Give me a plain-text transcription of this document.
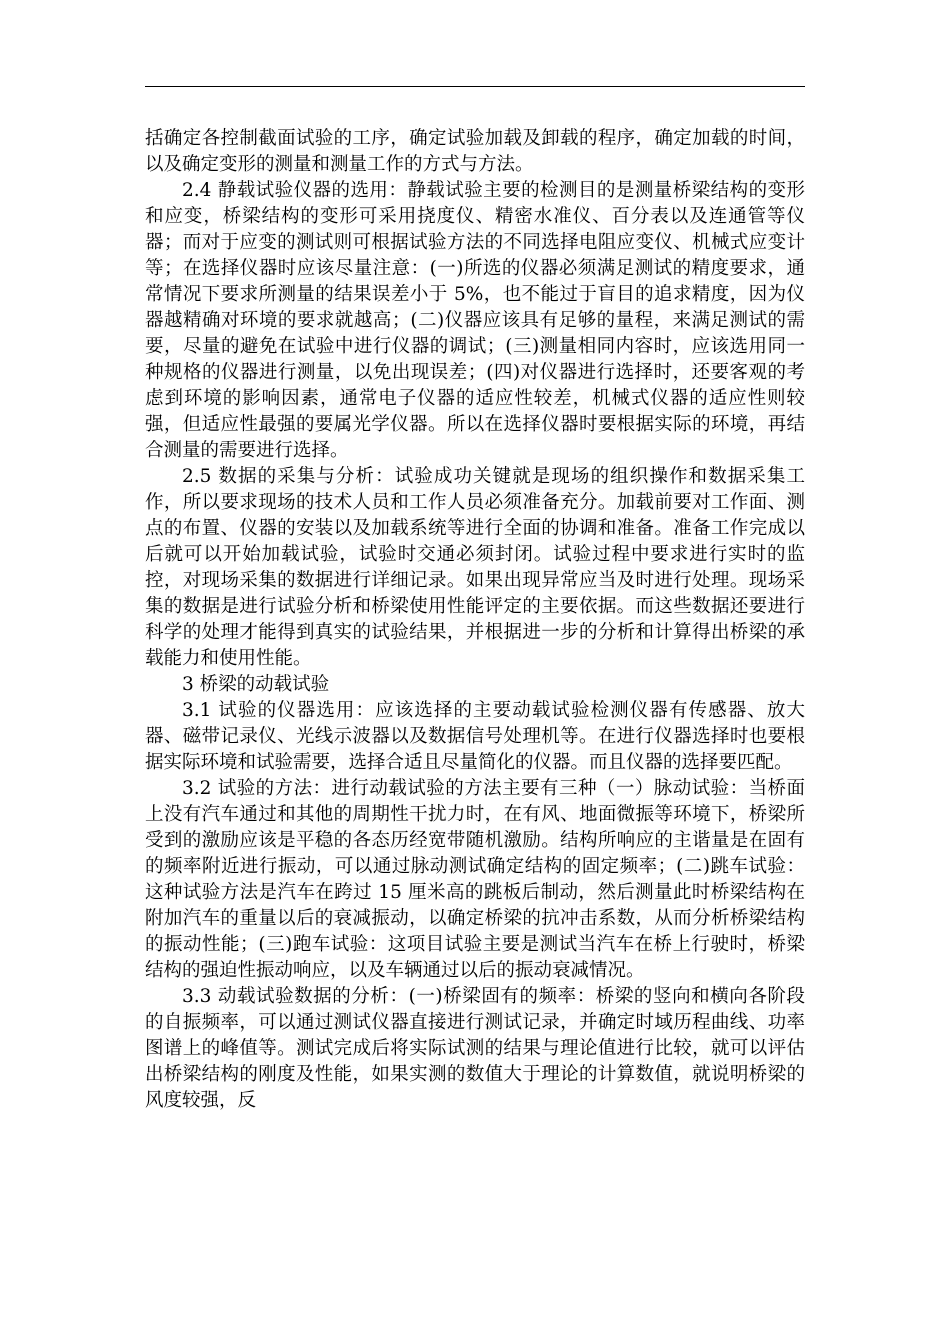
括确定各控制截面试验的工序，确定试验加载及卸载的程序，确定加载的时间，以及确定变形的测量和测量工作的方式与方法。

2.4 静载试验仪器的选用：静载试验主要的检测目的是测量桥梁结构的变形和应变，桥梁结构的变形可采用挠度仪、精密水准仪、百分表以及连通管等仪器；而对于应变的测试则可根据试验方法的不同选择电阻应变仪、机械式应变计等；在选择仪器时应该尽量注意：(一)所选的仪器必须满足测试的精度要求，通常情况下要求所测量的结果误差小于 5%，也不能过于盲目的追求精度，因为仪器越精确对环境的要求就越高；(二)仪器应该具有足够的量程，来满足测试的需要，尽量的避免在试验中进行仪器的调试；(三)测量相同内容时，应该选用同一种规格的仪器进行测量，以免出现误差；(四)对仪器进行选择时，还要客观的考虑到环境的影响因素，通常电子仪器的适应性较差，机械式仪器的适应性则较强，但适应性最强的要属光学仪器。所以在选择仪器时要根据实际的环境，再结合测量的需要进行选择。

2.5 数据的采集与分析：试验成功关键就是现场的组织操作和数据采集工作，所以要求现场的技术人员和工作人员必须准备充分。加载前要对工作面、测点的布置、仪器的安装以及加载系统等进行全面的协调和准备。准备工作完成以后就可以开始加载试验，试验时交通必须封闭。试验过程中要求进行实时的监控，对现场采集的数据进行详细记录。如果出现异常应当及时进行处理。现场采集的数据是进行试验分析和桥梁使用性能评定的主要依据。而这些数据还要进行科学的处理才能得到真实的试验结果，并根据进一步的分析和计算得出桥梁的承载能力和使用性能。

3 桥梁的动载试验

3.1 试验的仪器选用：应该选择的主要动载试验检测仪器有传感器、放大器、磁带记录仪、光线示波器以及数据信号处理机等。在进行仪器选择时也要根据实际环境和试验需要，选择合适且尽量简化的仪器。而且仪器的选择要匹配。

3.2 试验的方法：进行动载试验的方法主要有三种（一）脉动试验：当桥面上没有汽车通过和其他的周期性干扰力时，在有风、地面微振等环境下，桥梁所受到的激励应该是平稳的各态历经宽带随机激励。结构所响应的主谐量是在固有的频率附近进行振动，可以通过脉动测试确定结构的固定频率；(二)跳车试验：这种试验方法是汽车在跨过 15 厘米高的跳板后制动，然后测量此时桥梁结构在附加汽车的重量以后的衰减振动，以确定桥梁的抗冲击系数，从而分析桥梁结构的振动性能；(三)跑车试验：这项目试验主要是测试当汽车在桥上行驶时，桥梁结构的强迫性振动响应，以及车辆通过以后的振动衰减情况。

3.3 动载试验数据的分析：(一)桥梁固有的频率：桥梁的竖向和横向各阶段的自振频率，可以通过测试仪器直接进行测试记录，并确定时域历程曲线、功率图谱上的峰值等。测试完成后将实际试测的结果与理论值进行比较，就可以评估出桥梁结构的刚度及性能，如果实测的数值大于理论的计算数值，就说明桥梁的风度较强，反
